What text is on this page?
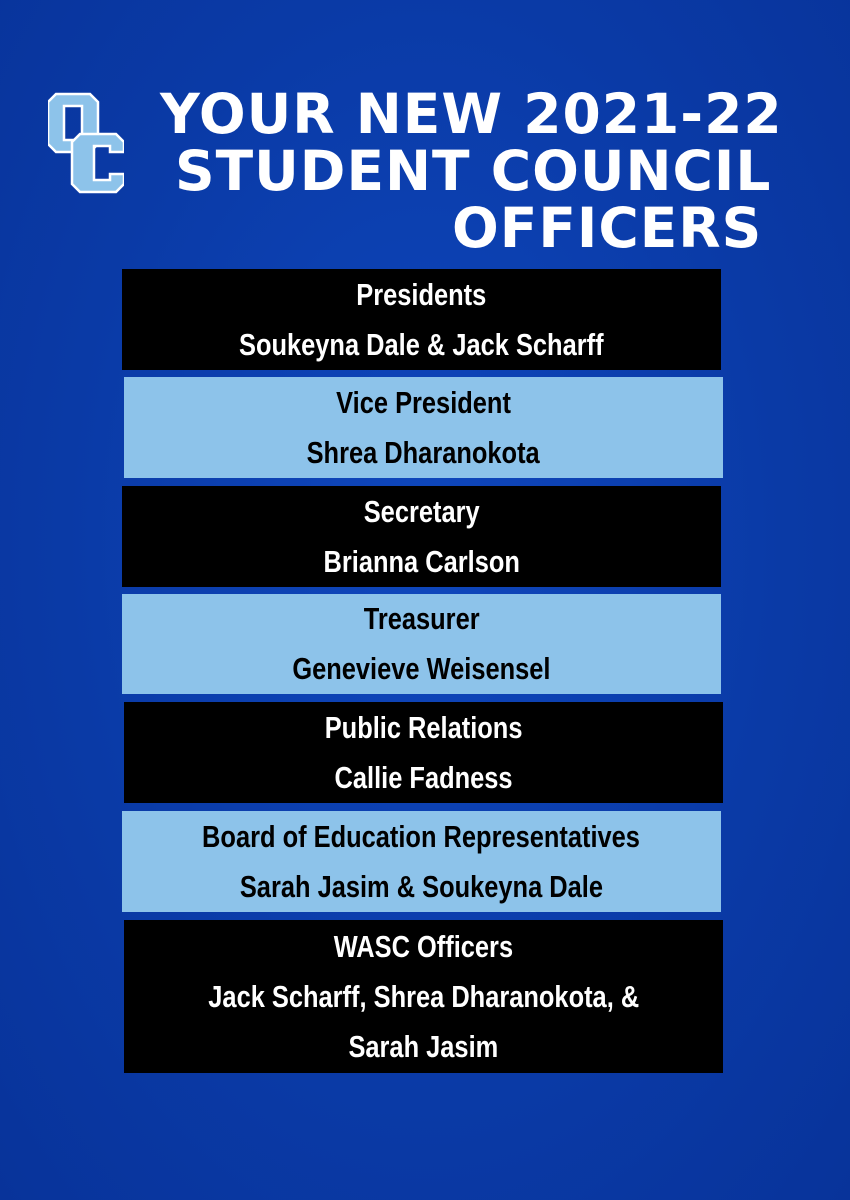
YOUR NEW 2021-22
STUDENT COUNCIL
OFFICERS
Presidents
Soukeyna Dale & Jack Scharff
Vice President
Shrea Dharanokota
Secretary
Brianna Carlson
Treasurer
Genevieve Weisensel
Public Relations
Callie Fadness
Board of Education Representatives
Sarah Jasim & Soukeyna Dale
WASC Officers
Jack Scharff, Shrea Dharanokota, &
Sarah Jasim
